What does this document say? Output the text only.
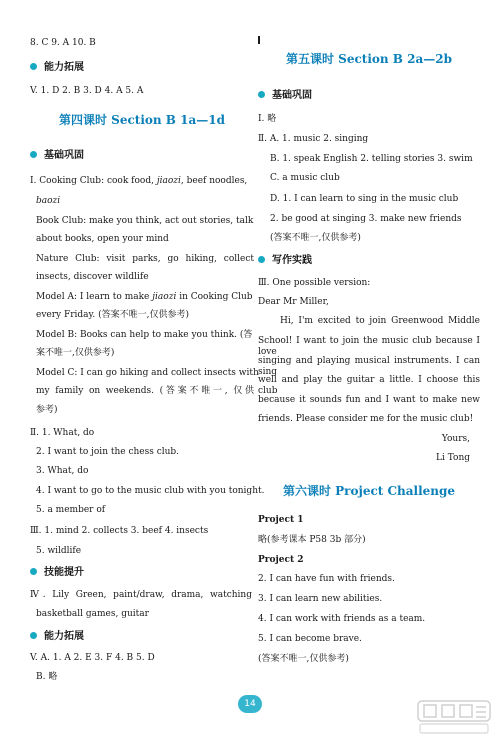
8. C 9. A 10. B
能力拓展
V. 1. D 2. B 3. D 4. A 5. A
第四课时 Section B 1a—1d
基础巩固
Ⅰ. Cooking Club: cook food, jiaozi, beef noodles,
baozi
Book Club: make you think, act out stories, talk
about books, open your mind
Nature Club: visit parks, go hiking, collect
insects, discover wildlife
Model A: I learn to make jiaozi in Cooking Club
every Friday. (答案不唯一,仅供参考)
Model B: Books can help to make you think. (答
案不唯一,仅供参考)
Model C: I can go hiking and collect insects with
my family on weekends. (答案不唯一, 仅供
参考)
Ⅱ. 1. What, do
2. I want to join the chess club.
3. What, do
4. I want to go to the music club with you tonight.
5. a member of
Ⅲ. 1. mind 2. collects 3. beef 4. insects
5. wildlife
技能提升
Ⅳ. Lily Green, paint/draw, drama, watching
basketball games, guitar
能力拓展
V. A. 1. A 2. E 3. F 4. B 5. D
B. 略
第五课时 Section B 2a—2b
基础巩固
Ⅰ. 略
Ⅱ. A. 1. music 2. singing
B. 1. speak English 2. telling stories 3. swim
C. a music club
D. 1. I can learn to sing in the music club
2. be good at singing 3. make new friends
(答案不唯一,仅供参考)
写作实践
Ⅲ. One possible version:
Dear Mr Miller,
Hi, I'm excited to join Greenwood Middle
School! I want to join the music club because I love
singing and playing musical instruments. I can sing
well and play the guitar a little. I choose this club
because it sounds fun and I want to make new
friends. Please consider me for the music club!
Yours,
Li Tong
第六课时 Project Challenge
Project 1
略(参考课本 P58 3b 部分)
Project 2
2. I can have fun with friends.
3. I can learn new abilities.
4. I can work with friends as a team.
5. I can become brave.
(答案不唯一,仅供参考)
14
